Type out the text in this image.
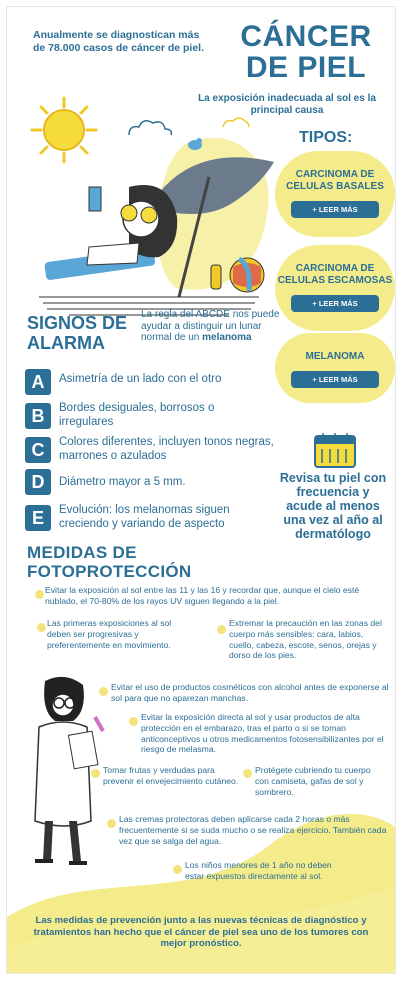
Anualmente se diagnostican más de 78.000 casos de cáncer de piel.	CÁNCER
DE PIEL
La exposición inadecuada al sol es la principal causa
TIPOS:
CARCINOMA DE CELULAS BASALES
+ LEER MÁS
CARCINOMA DE CELULAS ESCAMOSAS
+ LEER MÁS
MELANOMA
+ LEER MÁS
Revisa tu piel con frecuencia y acude al menos una vez al año al dermatólogo
SIGNOS DE
ALARMA
La regla del ABCDE nos puede ayudar a distinguir un lunar normal de un melanoma
A	Asimetría de un lado con el otro
B	Bordes desiguales, borrosos o irregulares
C	Colores diferentes, incluyen tonos negras, marrones o azulados
D	Diámetro mayor a 5 mm.
E	Evolución: los melanomas siguen creciendo y variando de aspecto
MEDIDAS DE
FOTOPROTECCIÓN
Evitar la exposición al sol entre las 11 y las 16 y recordar que, aunque el cielo esté nublado, el 70-80% de los rayos UV siguen llegando a la piel.
Las primeras exposiciones al sol deben ser progresivas y preferentemente en movimiento.
Extremar la precaución en las zonas del cuerpo más sensibles: cara, labios, cuello, cabeza, escote, senos, orejas y dorso de los pies.
Evitar el uso de productos cosméticos con alcohol antes de exponerse al sol para que no aparezan manchas.
Evitar la exposición directa al sol y usar productos de alta protección en el embarazo, tras el parto o si se toman anticonceptivos u otros medicamentos fotosensibilizantes por el riesgo de melasma.
Tomar frutas y verdudas para prevenir el envejecimiento cutáneo.
Protégete cubriendo tu cuerpo con camiseta, gafas de sol y sombrero.
Las cremas protectoras deben aplicarse cada 2 horas o más frecuentemente si se suda mucho o se realiza ejercicio. También cada vez que se salga del agua.
Los niños menores de 1 año no deben estar expuestos directamente al sol.
Las medidas de prevención junto a las nuevas técnicas de diagnóstico y tratamientos han hecho que el cáncer de piel sea uno de los tumores con mejor pronóstico.
